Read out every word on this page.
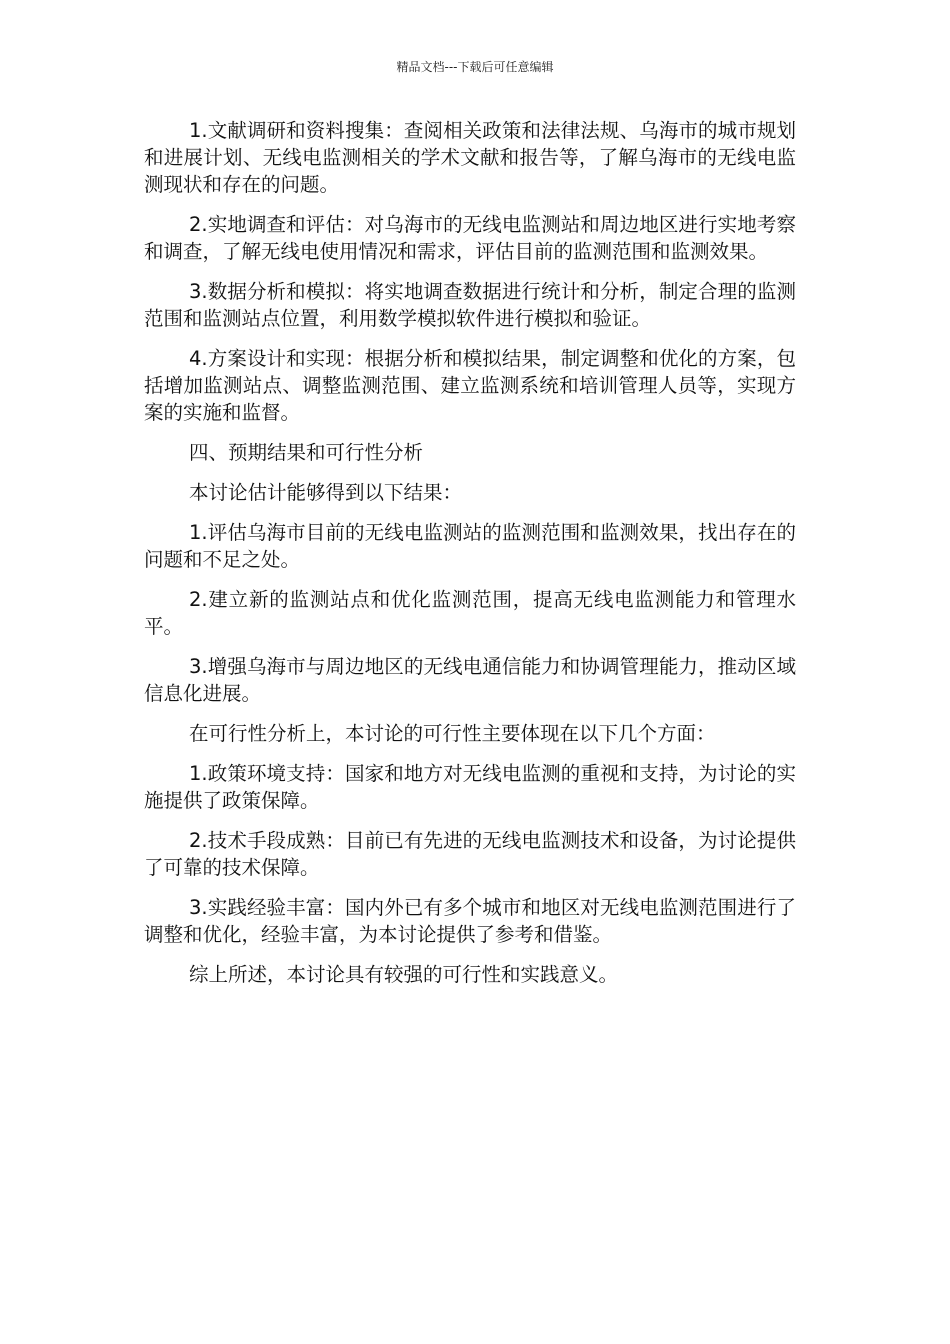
精品文档---下载后可任意编辑

1.文献调研和资料搜集：查阅相关政策和法律法规、乌海市的城市规划和进展计划、无线电监测相关的学术文献和报告等，了解乌海市的无线电监测现状和存在的问题。

2.实地调查和评估：对乌海市的无线电监测站和周边地区进行实地考察和调查，了解无线电使用情况和需求，评估目前的监测范围和监测效果。

3.数据分析和模拟：将实地调查数据进行统计和分析，制定合理的监测范围和监测站点位置，利用数学模拟软件进行模拟和验证。

4.方案设计和实现：根据分析和模拟结果，制定调整和优化的方案，包括增加监测站点、调整监测范围、建立监测系统和培训管理人员等，实现方案的实施和监督。

四、预期结果和可行性分析

本讨论估计能够得到以下结果：

1.评估乌海市目前的无线电监测站的监测范围和监测效果，找出存在的问题和不足之处。

2.建立新的监测站点和优化监测范围，提高无线电监测能力和管理水平。

3.增强乌海市与周边地区的无线电通信能力和协调管理能力，推动区域信息化进展。

在可行性分析上，本讨论的可行性主要体现在以下几个方面：

1.政策环境支持：国家和地方对无线电监测的重视和支持，为讨论的实施提供了政策保障。

2.技术手段成熟：目前已有先进的无线电监测技术和设备，为讨论提供了可靠的技术保障。

3.实践经验丰富：国内外已有多个城市和地区对无线电监测范围进行了调整和优化，经验丰富，为本讨论提供了参考和借鉴。

综上所述，本讨论具有较强的可行性和实践意义。
